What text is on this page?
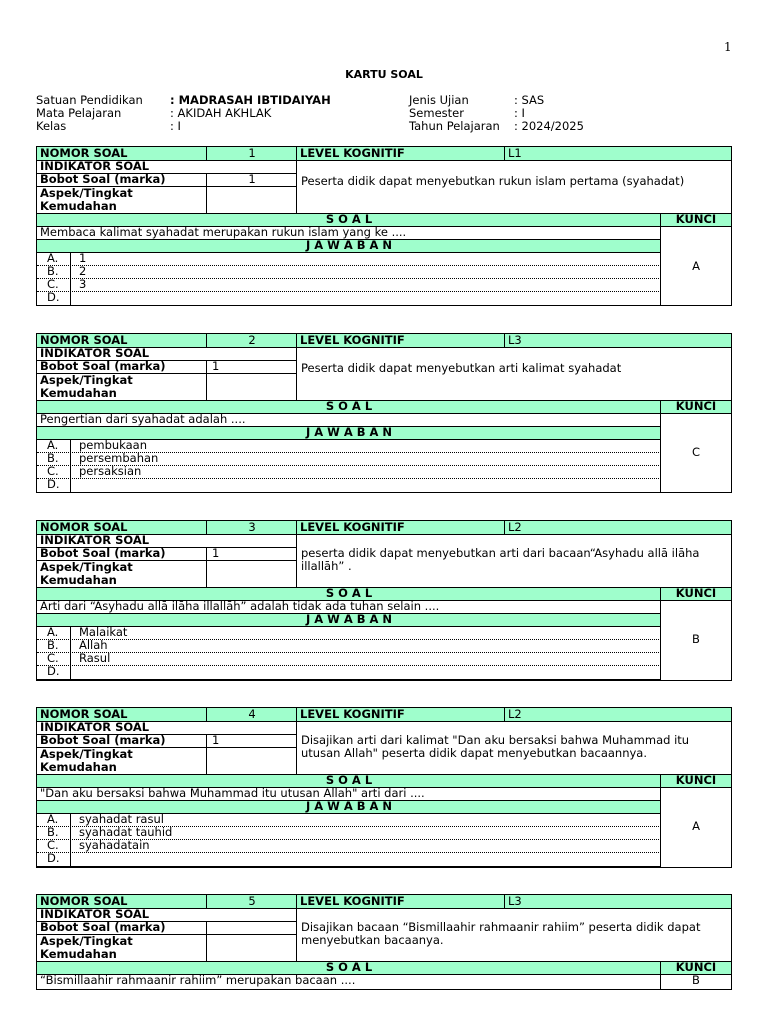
1
KARTU SOAL
Satuan Pendidikan : MADRASAH IBTIDAIYAH
Mata Pelajaran	: AKIDAH AKHLAK
Kelas	: I
Jenis Ujian	: SAS
Semester	: I
Tahun Pelajaran : 2024/2025
NOMOR SOAL	1	LEVEL KOGNITIF	L1
INDIKATOR SOAL
Bobot Soal (marka)	1
Aspek/Tingkat
Kemudahan
Peserta didik dapat menyebutkan rukun islam pertama (syahadat)
S O A L	KUNCI
Membaca kalimat syahadat merupakan rukun islam yang ke ....
J A W A B A N
A.	1
B.	2
C.	3
D.
A
NOMOR SOAL	2	LEVEL KOGNITIF	L3
INDIKATOR SOAL
Bobot Soal (marka)	1
Aspek/Tingkat
Kemudahan
Peserta didik dapat menyebutkan arti kalimat syahadat
S O A L	KUNCI
Pengertian dari syahadat adalah ....
J A W A B A N
A.	pembukaan
B.	persembahan
C.	persaksian
D.
C
NOMOR SOAL	3	LEVEL KOGNITIF	L2
INDIKATOR SOAL
Bobot Soal (marka)	1
Aspek/Tingkat
Kemudahan
peserta didik dapat menyebutkan arti dari bacaan“Asyhadu allā ilāha illallāh” .
S O A L	KUNCI
Arti dari “Asyhadu allā ilāha illallāh” adalah tidak ada tuhan selain ....
J A W A B A N
A.	Malaikat
B.	Allah
C.	Rasul
D.
B
NOMOR SOAL	4	LEVEL KOGNITIF	L2
INDIKATOR SOAL
Bobot Soal (marka)	1
Aspek/Tingkat
Kemudahan
Disajikan arti dari kalimat "Dan aku bersaksi bahwa Muhammad itu utusan Allah" peserta didik dapat menyebutkan bacaannya.
S O A L	KUNCI
"Dan aku bersaksi bahwa Muhammad itu utusan Allah" arti dari ....
J A W A B A N
A.	syahadat rasul
B.	syahadat tauhid
C.	syahadatain
D.
A
NOMOR SOAL	5	LEVEL KOGNITIF	L3
INDIKATOR SOAL
Bobot Soal (marka)
Aspek/Tingkat
Kemudahan
Disajikan bacaan “Bismillaahir rahmaanir rahiim” peserta didik dapat menyebutkan bacaanya.
S O A L	KUNCI
“Bismillaahir rahmaanir rahiim” merupakan bacaan ....	B
